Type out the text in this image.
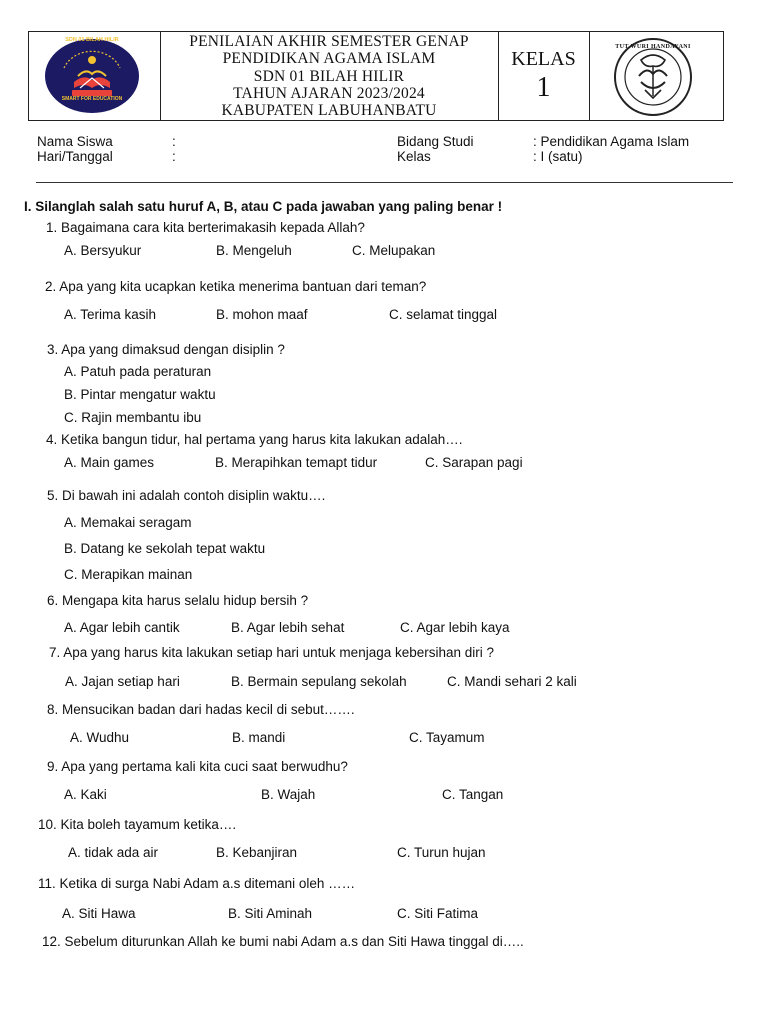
SDN 01 BILAH HILIR
SMART FOR EDUCATION
PENILAIAN AKHIR SEMESTER GENAP
PENDIDIKAN AGAMA ISLAM
SDN 01 BILAH HILIR
TAHUN AJARAN 2023/2024
KABUPATEN LABUHANBATU
KELAS
1
TUT WURI HANDAYANI
Nama Siswa	:
Hari/Tanggal	:
Bidang Studi	: Pendidikan Agama Islam
Kelas	: I (satu)
I. Silanglah salah satu huruf A, B, atau C pada jawaban yang paling benar !
1. Bagaimana cara kita berterimakasih kepada Allah?
A. Bersyukur	B. Mengeluh	C. Melupakan
2. Apa yang kita ucapkan ketika menerima bantuan dari teman?
A. Terima kasih	B. mohon maaf	C. selamat tinggal
3. Apa yang dimaksud dengan disiplin ?
A. Patuh pada peraturan
B. Pintar mengatur waktu
C. Rajin membantu ibu
4. Ketika bangun tidur, hal pertama yang harus kita lakukan adalah….
A. Main games	B. Merapihkan temapt tidur	C. Sarapan pagi
5. Di bawah ini adalah contoh disiplin waktu….
A. Memakai seragam
B. Datang ke sekolah tepat waktu
C. Merapikan mainan
6. Mengapa kita harus selalu hidup bersih ?
A. Agar lebih cantik	B. Agar lebih sehat	C. Agar lebih kaya
7. Apa yang harus kita lakukan setiap hari untuk menjaga kebersihan diri ?
A. Jajan setiap hari	B. Bermain sepulang sekolah	C. Mandi sehari 2 kali
8. Mensucikan badan dari hadas kecil di sebut…….
A. Wudhu	B. mandi	C. Tayamum
9. Apa yang pertama kali kita cuci saat berwudhu?
A. Kaki	B. Wajah	C. Tangan
10. Kita boleh tayamum ketika….
A. tidak ada air	B. Kebanjiran	C. Turun hujan
11. Ketika di surga Nabi Adam a.s ditemani oleh ……
A. Siti Hawa	B. Siti Aminah	C. Siti Fatima
12. Sebelum diturunkan Allah ke bumi nabi Adam a.s dan Siti Hawa tinggal di…..
